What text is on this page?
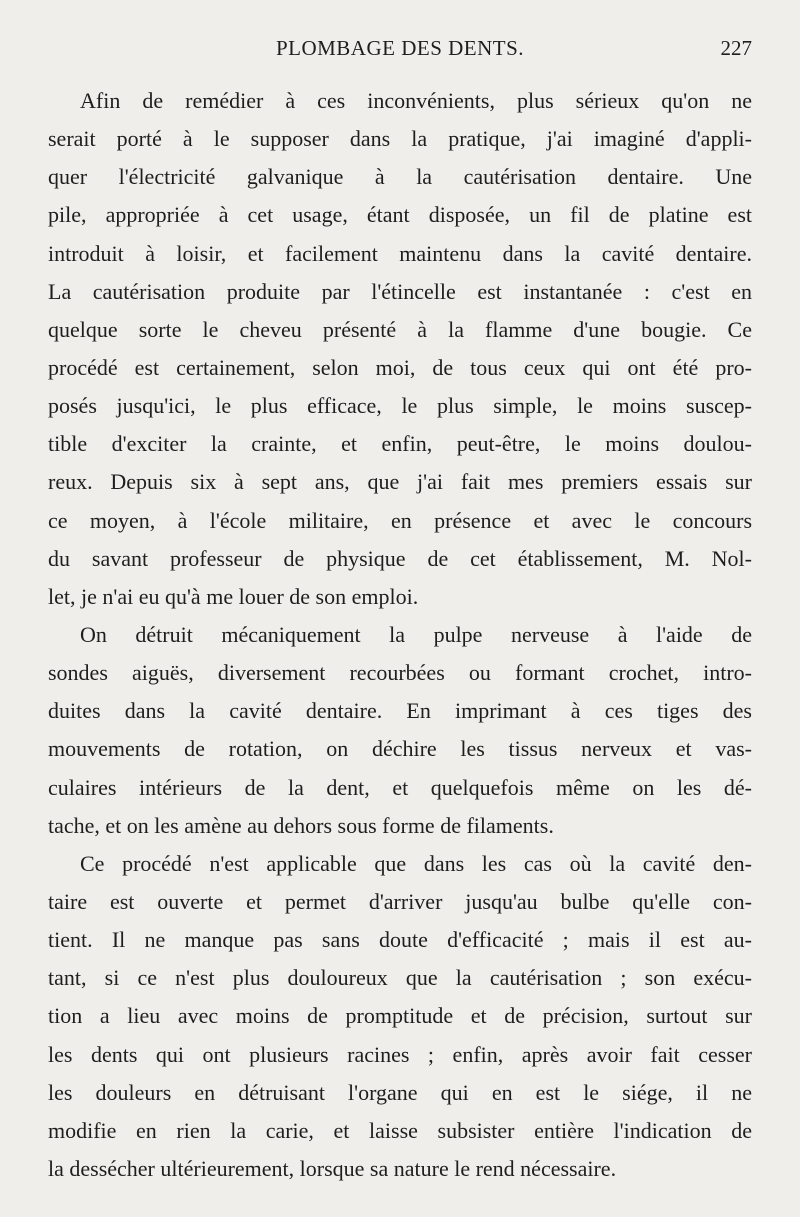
PLOMBAGE DES DENTS.	227
Afin de remédier à ces inconvénients, plus sérieux qu'on ne
serait porté à le supposer dans la pratique, j'ai imaginé d'appli-
quer l'électricité galvanique à la cautérisation dentaire. Une
pile, appropriée à cet usage, étant disposée, un fil de platine est
introduit à loisir, et facilement maintenu dans la cavité dentaire.
La cautérisation produite par l'étincelle est instantanée : c'est en
quelque sorte le cheveu présenté à la flamme d'une bougie. Ce
procédé est certainement, selon moi, de tous ceux qui ont été pro-
posés jusqu'ici, le plus efficace, le plus simple, le moins suscep-
tible d'exciter la crainte, et enfin, peut-être, le moins doulou-
reux. Depuis six à sept ans, que j'ai fait mes premiers essais sur
ce moyen, à l'école militaire, en présence et avec le concours
du savant professeur de physique de cet établissement, M. Nol-
let, je n'ai eu qu'à me louer de son emploi.
On détruit mécaniquement la pulpe nerveuse à l'aide de
sondes aiguës, diversement recourbées ou formant crochet, intro-
duites dans la cavité dentaire. En imprimant à ces tiges des
mouvements de rotation, on déchire les tissus nerveux et vas-
culaires intérieurs de la dent, et quelquefois même on les dé-
tache, et on les amène au dehors sous forme de filaments.
Ce procédé n'est applicable que dans les cas où la cavité den-
taire est ouverte et permet d'arriver jusqu'au bulbe qu'elle con-
tient. Il ne manque pas sans doute d'efficacité ; mais il est au-
tant, si ce n'est plus douloureux que la cautérisation ; son exécu-
tion a lieu avec moins de promptitude et de précision, surtout sur
les dents qui ont plusieurs racines ; enfin, après avoir fait cesser
les douleurs en détruisant l'organe qui en est le siége, il ne
modifie en rien la carie, et laisse subsister entière l'indication de
la dessécher ultérieurement, lorsque sa nature le rend nécessaire.
